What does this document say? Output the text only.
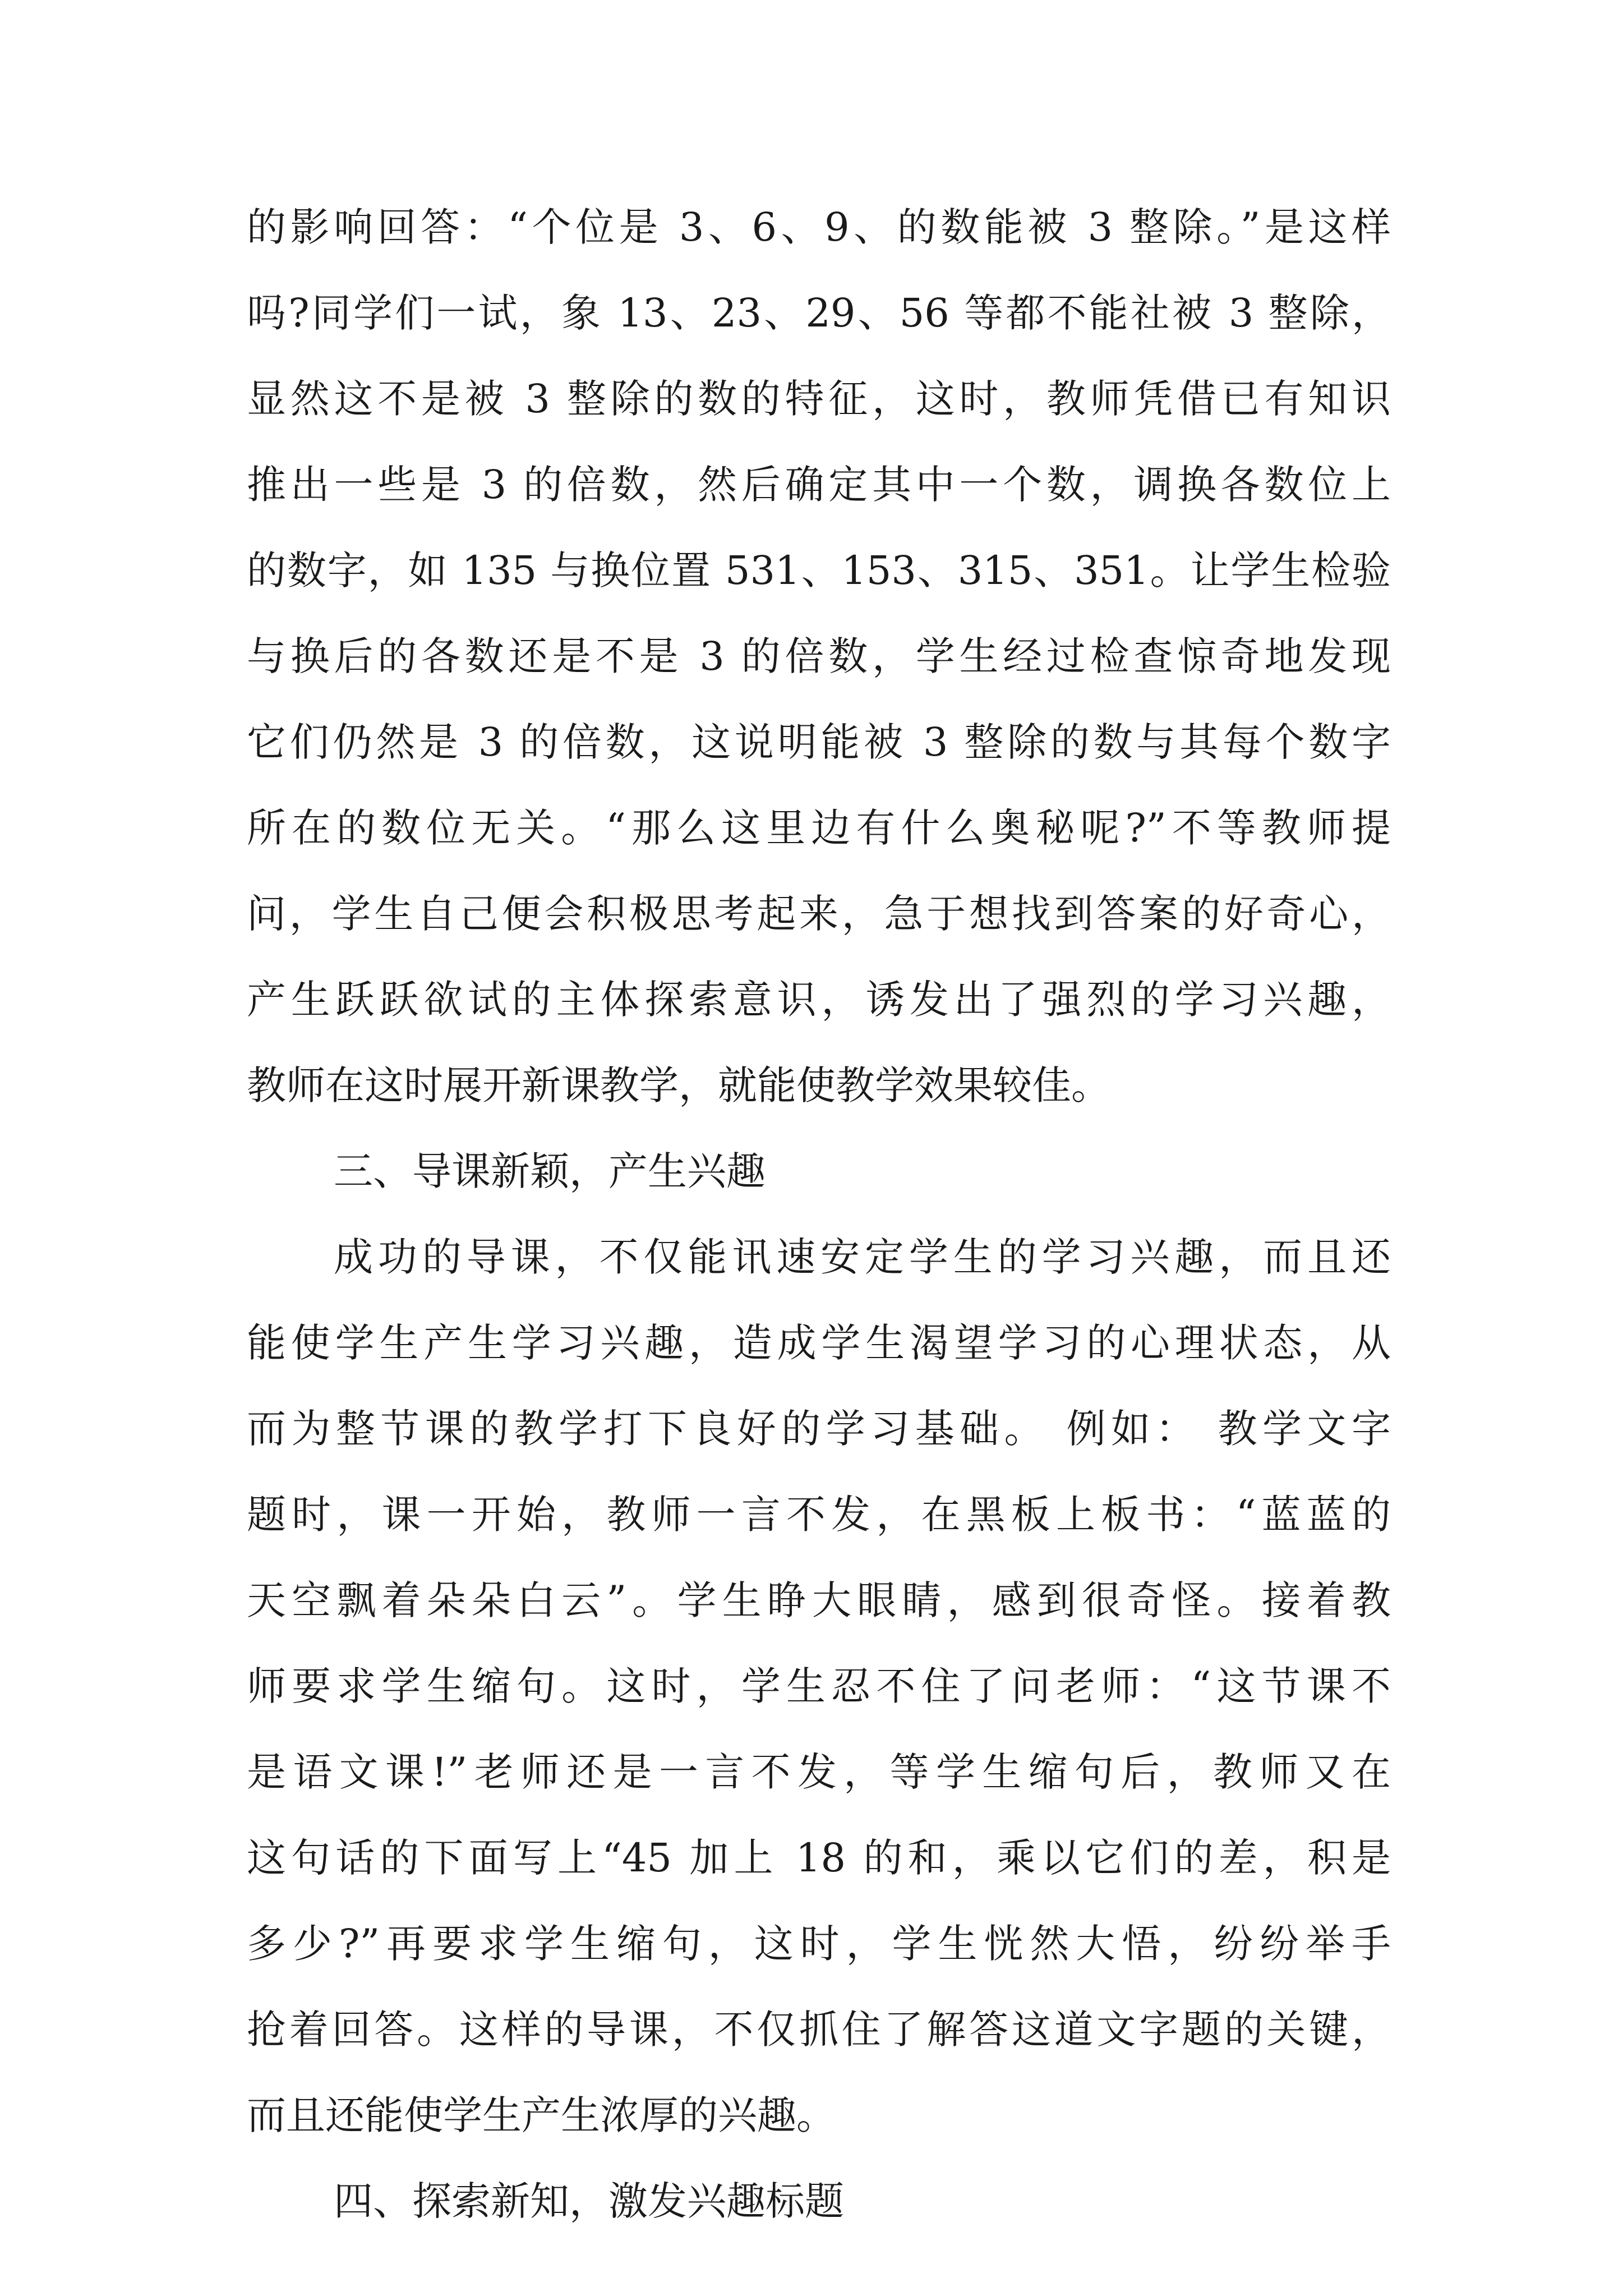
的影响回答：“个位是 3、6、9、的数能被 3 整除。”是这样
吗?同学们一试，象 13、23、29、56 等都不能社被 3 整除，
显然这不是被 3 整除的数的特征，这时，教师凭借已有知识
推出一些是 3 的倍数，然后确定其中一个数，调换各数位上
的数字，如 135 与换位置 531、153、315、351。让学生检验
与换后的各数还是不是 3 的倍数，学生经过检查惊奇地发现
它们仍然是 3 的倍数，这说明能被 3 整除的数与其每个数字
所在的数位无关。“那么这里边有什么奥秘呢?”不等教师提
问，学生自己便会积极思考起来，急于想找到答案的好奇心，
产生跃跃欲试的主体探索意识，诱发出了强烈的学习兴趣，
教师在这时展开新课教学，就能使教学效果较佳。
三、导课新颖，产生兴趣
成功的导课，不仅能讯速安定学生的学习兴趣，而且还
能使学生产生学习兴趣，造成学生渴望学习的心理状态，从
而为整节课的教学打下良好的学习基础。 例如： 教学文字
题时，课一开始，教师一言不发，在黑板上板书：“蓝蓝的
天空飘着朵朵白云”。学生睁大眼睛，感到很奇怪。接着教
师要求学生缩句。这时，学生忍不住了问老师：“这节课不
是语文课!”老师还是一言不发，等学生缩句后，教师又在
这句话的下面写上“45 加上 18 的和，乘以它们的差，积是
多少?”再要求学生缩句，这时，学生恍然大悟，纷纷举手
抢着回答。这样的导课，不仅抓住了解答这道文字题的关键，
而且还能使学生产生浓厚的兴趣。
四、探索新知，激发兴趣标题
